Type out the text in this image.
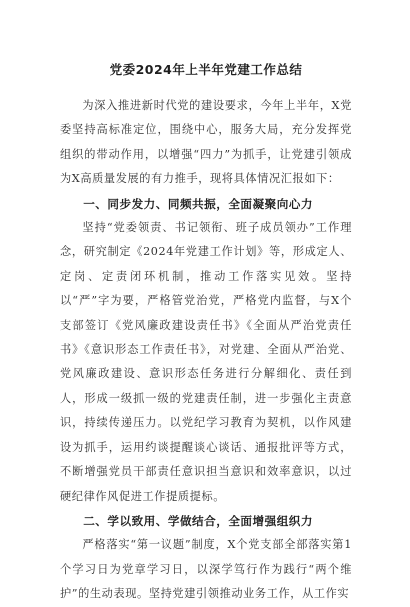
党委2024年上半年党建工作总结

为深入推进新时代党的建设要求，今年上半年，X党委坚持高标准定位，围绕中心，服务大局，充分发挥党组织的带动作用，以增强“四力”为抓手，让党建引领成为X高质量发展的有力推手，现将具体情况汇报如下：

一、同步发力、同频共振，全面凝聚向心力

坚持“党委领责、书记领衔、班子成员领办”工作理念，研究制定《2024年党建工作计划》等，形成定人、定岗、定责闭环机制，推动工作落实见效。坚持以“严”字为要，严格管党治党，严格党内监督，与X个支部签订《党风廉政建设责任书》《全面从严治党责任书》《意识形态工作责任书》，对党建、全面从严治党、党风廉政建设、意识形态任务进行分解细化、责任到人，形成一级抓一级的党建责任制，进一步强化主责意识，持续传递压力。以党纪学习教育为契机，以作风建设为抓手，运用约谈提醒谈心谈话、通报批评等方式，不断增强党员干部责任意识担当意识和效率意识，以过硬纪律作风促进工作提质提标。

二、学以致用、学做结合，全面增强组织力

严格落实“第一议题”制度，X个党支部全部落实第1个学习日为党章学习日，以深学笃行作为践行“两个维护”的生动表现。坚持党建引领推动业务工作，从工作实
